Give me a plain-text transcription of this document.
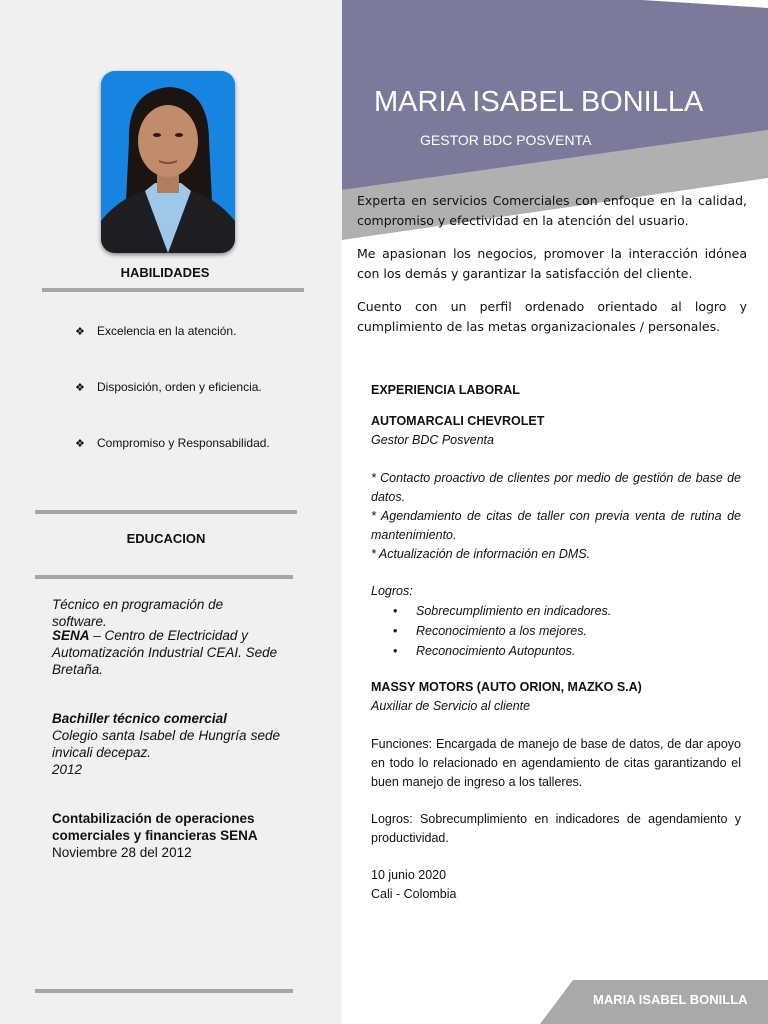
HABILIDADES
❖ Excelencia en la atención.
❖ Disposición, orden y eficiencia.
❖ Compromiso y Responsabilidad.
EDUCACION
Técnico en programación de software.
SENA – Centro de Electricidad y Automatización Industrial CEAI. Sede Bretaña.
Bachiller técnico comercial
Colegio santa Isabel de Hungría sede invicali decepaz.
2012
Contabilización de operaciones comerciales y financieras SENA
Noviembre 28 del 2012
MARIA ISABEL BONILLA
GESTOR BDC POSVENTA
Experta en servicios Comerciales con enfoque en la calidad, compromiso y efectividad en la atención del usuario.
Me apasionan los negocios, promover la interacción idónea con los demás y garantizar la satisfacción del cliente.
Cuento con un perfil ordenado orientado al logro y cumplimiento de las metas organizacionales / personales.
EXPERIENCIA LABORAL
AUTOMARCALI CHEVROLET
Gestor BDC Posventa
* Contacto proactivo de clientes por medio de gestión de base de datos.
* Agendamiento de citas de taller con previa venta de rutina de mantenimiento.
* Actualización de información en DMS.
Logros:
• Sobrecumplimiento en indicadores.
• Reconocimiento a los mejores.
• Reconocimiento Autopuntos.
MASSY MOTORS (AUTO ORION, MAZKO S.A)
Auxiliar de Servicio al cliente
Funciones: Encargada de manejo de base de datos, de dar apoyo en todo lo relacionado en agendamiento de citas garantizando el buen manejo de ingreso a los talleres.
Logros: Sobrecumplimiento en indicadores de agendamiento y productividad.
10 junio 2020
Cali - Colombia
MARIA ISABEL BONILLA
